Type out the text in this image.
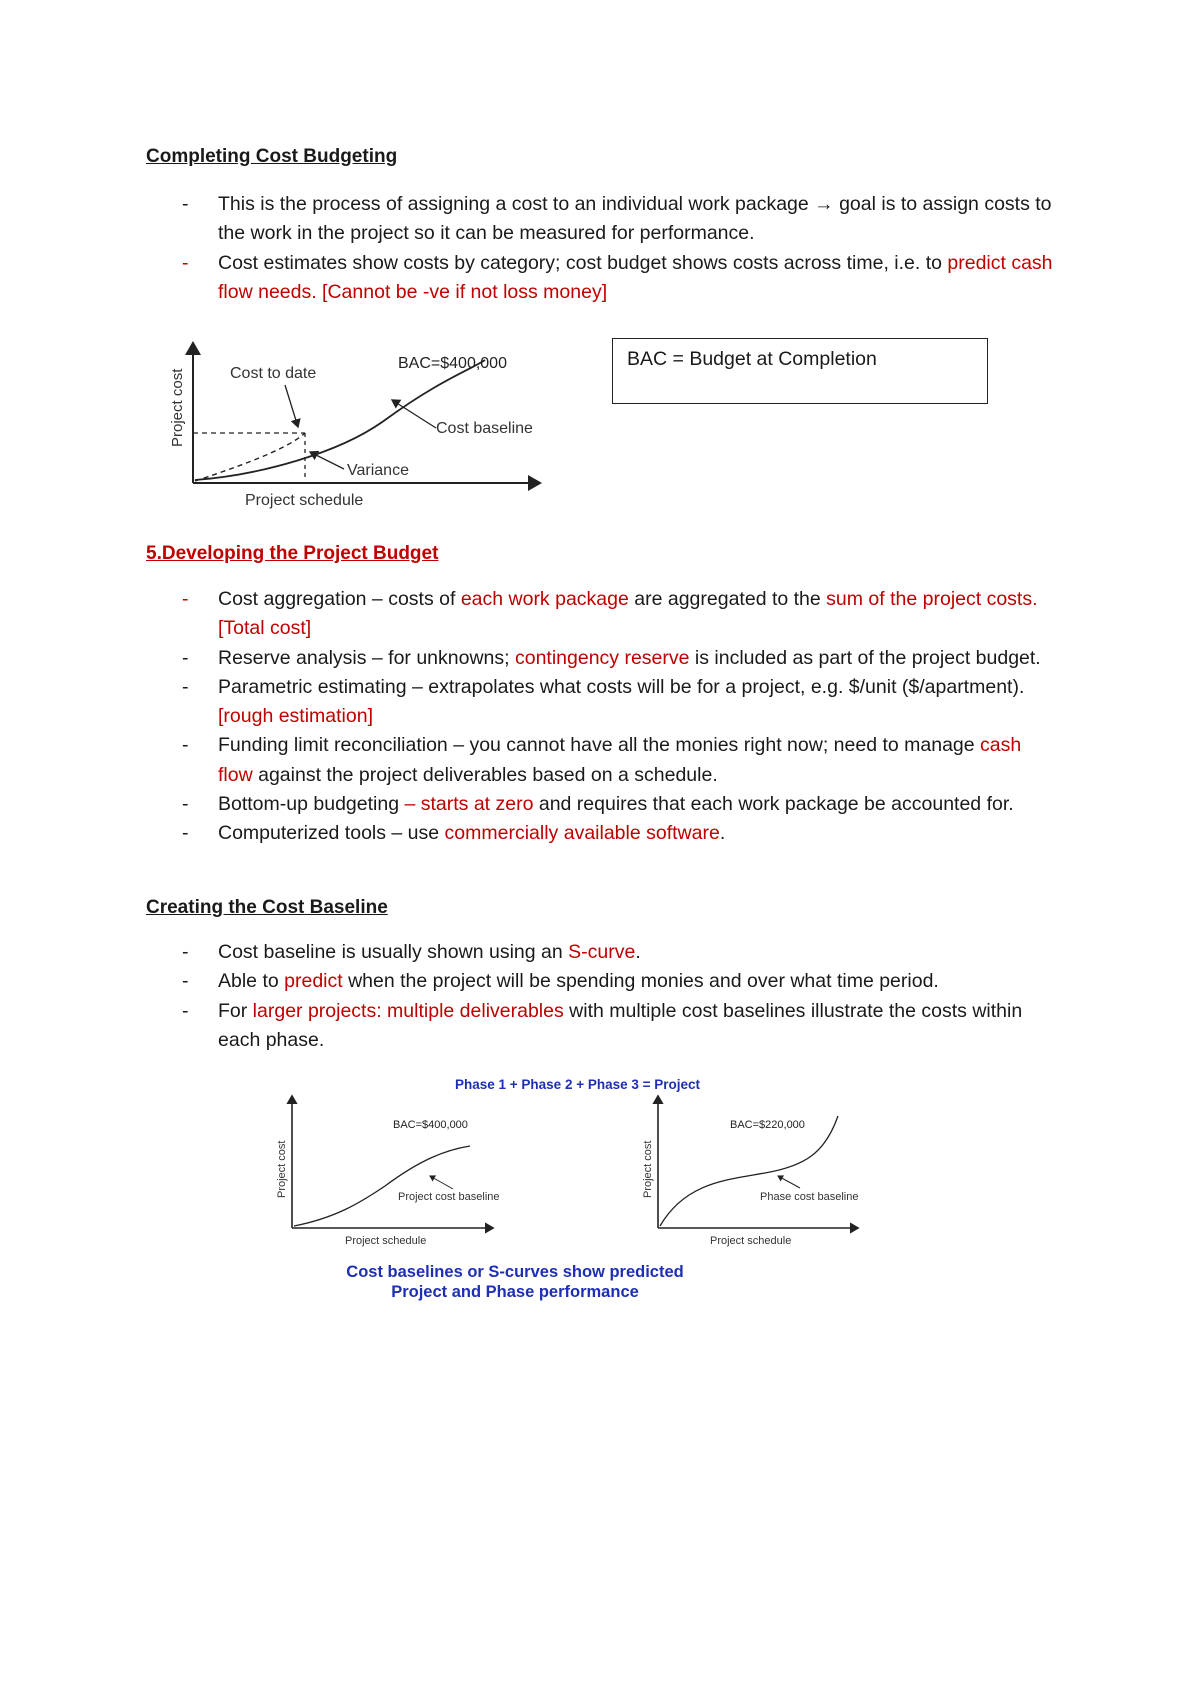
Completing Cost Budgeting
- This is the process of assigning a cost to an individual work package → goal is to assign costs to the work in the project so it can be measured for performance.
- Cost estimates show costs by category; cost budget shows costs across time, i.e. to predict cash flow needs. [Cannot be -ve if not loss money]
Project cost
Project schedule
Cost to date
BAC=$400,000
Cost baseline
Variance
BAC = Budget at Completion
5.Developing the Project Budget
- Cost aggregation – costs of each work package are aggregated to the sum of the project costs. [Total cost]
- Reserve analysis – for unknowns; contingency reserve is included as part of the project budget.
- Parametric estimating – extrapolates what costs will be for a project, e.g. $/unit ($/apartment). [rough estimation]
- Funding limit reconciliation – you cannot have all the monies right now; need to manage cash flow against the project deliverables based on a schedule.
- Bottom-up budgeting – starts at zero and requires that each work package be accounted for.
- Computerized tools – use commercially available software.
Creating the Cost Baseline
- Cost baseline is usually shown using an S-curve.
- Able to predict when the project will be spending monies and over what time period.
- For larger projects: multiple deliverables with multiple cost baselines illustrate the costs within each phase.
Phase 1 + Phase 2 + Phase 3 = Project
Project cost
Project schedule
BAC=$400,000
Project cost baseline	Project cost
Project schedule
BAC=$220,000
Phase cost baseline
Cost baselines or S-curves show predicted
Project and Phase performance
